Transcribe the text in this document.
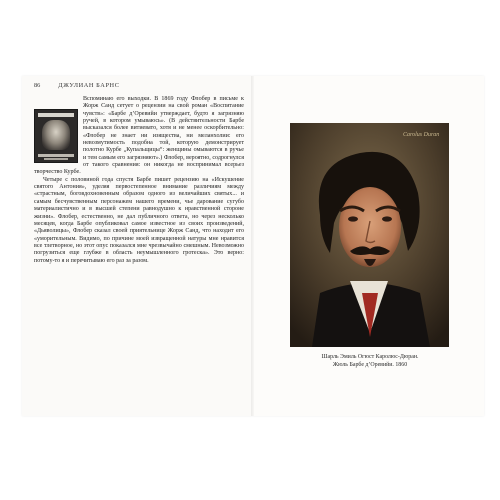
86	ДЖУЛИАН БАРНС

Вспоминаю его выходки. В 1869 году Флобер в письме к Жорж Санд сетует о рецензии на свой роман «Воспитание чувств»: «Барбе д’Оревийи утверждает, будто я загрязняю ручей, в котором умываюсь». (В действительности Барбе высказался более витиевато, хотя и не менее оскорбительно: «Флобер не знает ни изящества, ни меланхолии: его невозмутимость подобна той, которую демонстрирует полотно Курбе „Купальщицы“: женщины омываются в ручье и тем самым его загрязняют».) Флобер, вероятно, содрогнулся от такого сравнения: он никогда не воспринимал всерьез творчество Курбе.

Четыре с половиной года спустя Барбе пишет рецензию на «Искушение святого Антония», уделяя первостепенное внимание различиям между «страстным, боговдохновенным образом одного из величайших святых... и самым бесчувственным персонажем нашего времени, чье дарование сугубо материалистично и в высшей степени равнодушно к нравственной стороне жизни». Флобер, естественно, не дал публичного ответа, но через несколько месяцев, когда Барбе опубликовал самое известное из своих произведений, «Дьяволицы», Флобер сказал своей приятельнице Жорж Санд, что находит его «уморительным. Видимо, по причине моей извращенной натуры мне нравится все тлетворное, но этот опус показался мне чрезвычайно смешным. Невозможно погрузиться еще глубже в область неумышленного гротеска». Это верно: потому-то я и перечитываю его раз за разом.

Carolus Duran
Шарль Эмиль Огюст Каролюс-Дюран.
Жюль Барбе д’Оревийи. 1860
